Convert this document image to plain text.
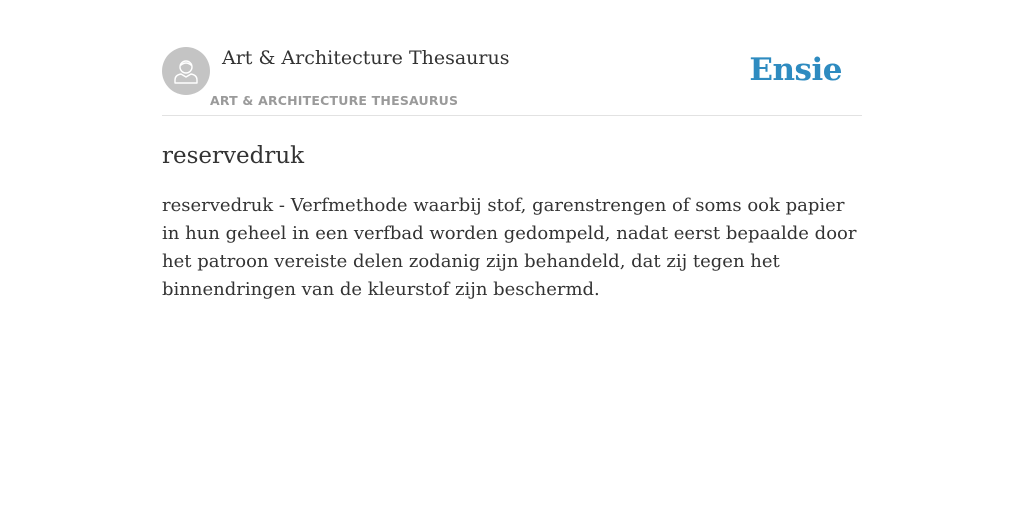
Art & Architecture Thesaurus
ART & ARCHITECTURE THESAURUS
Ensie
reservedruk

reservedruk - Verfmethode waarbij stof, garenstrengen of soms ook papier in hun geheel in een verfbad worden gedompeld, nadat eerst bepaalde door het patroon vereiste delen zodanig zijn behandeld, dat zij tegen het binnendringen van de kleurstof zijn beschermd.
